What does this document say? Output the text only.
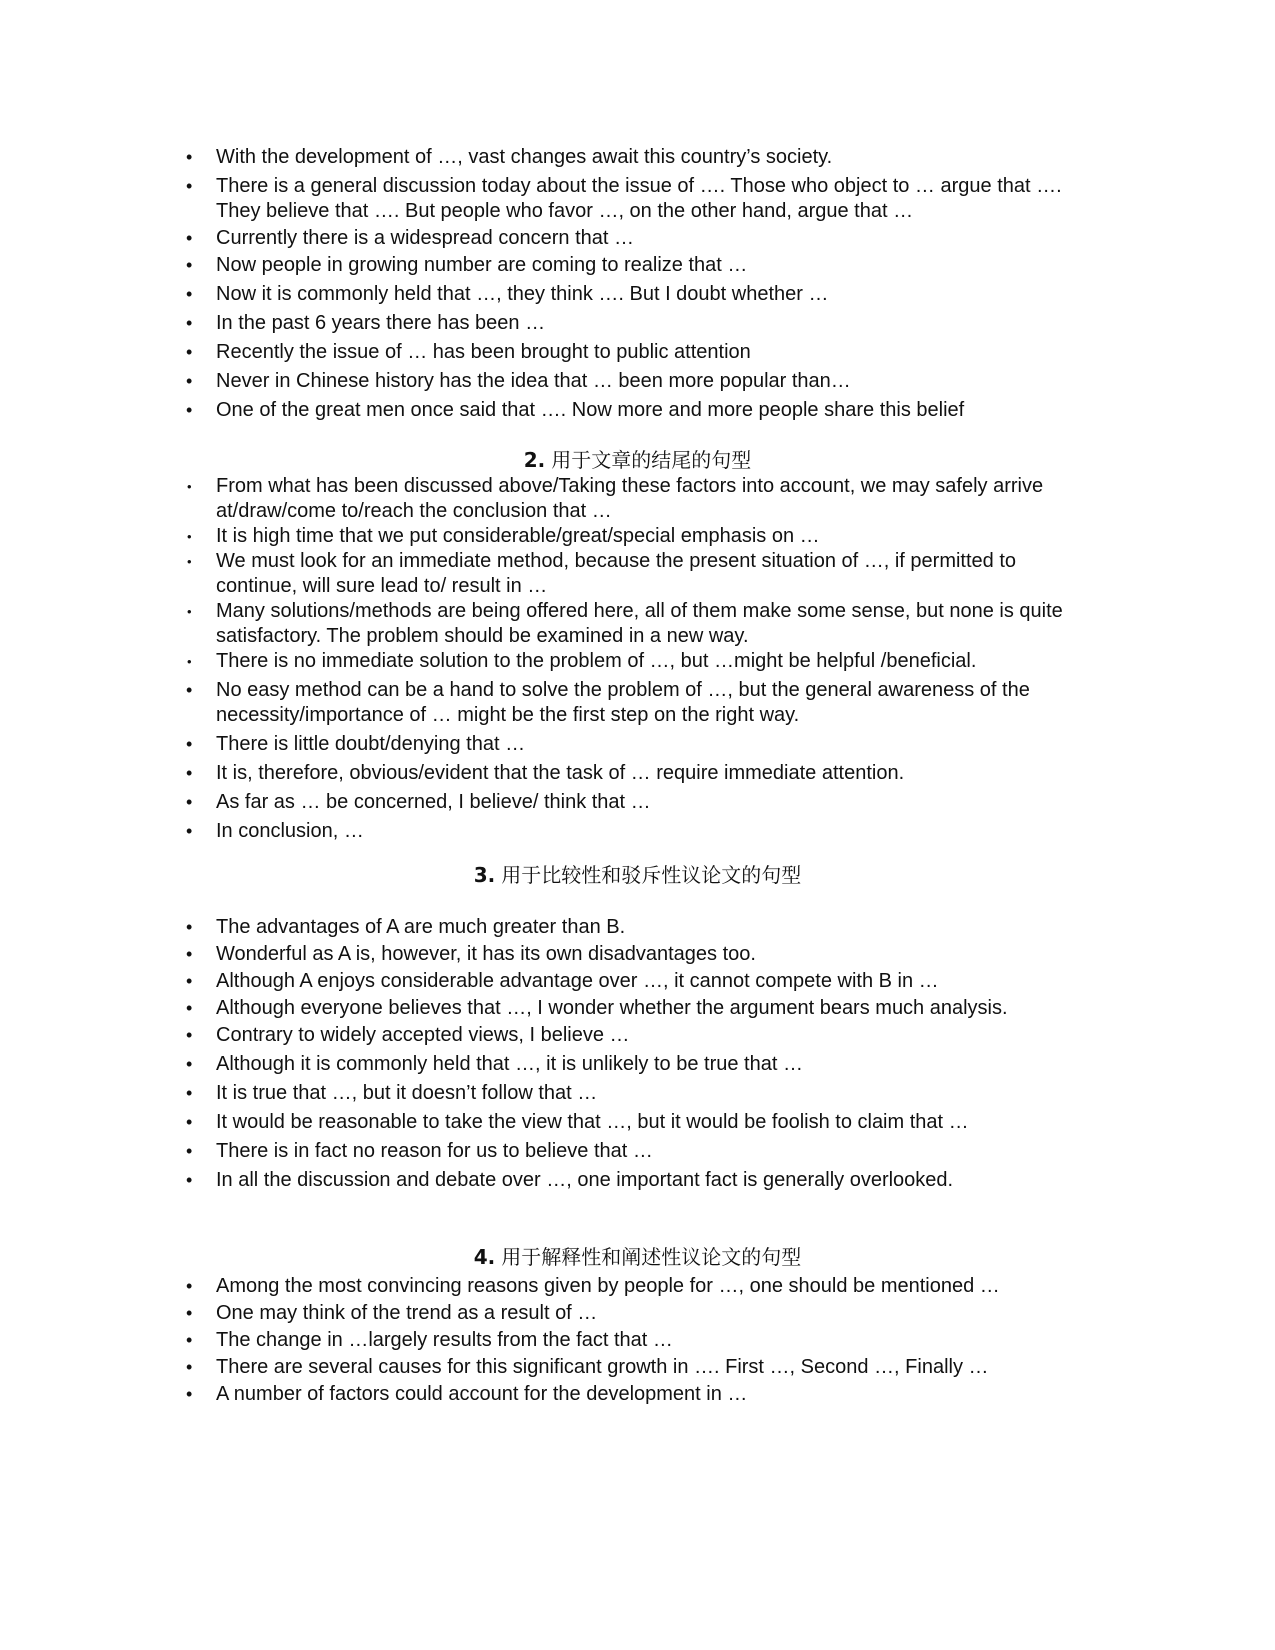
• With the development of …, vast changes await this country’s society.
• There is a general discussion today about the issue of …. Those who object to … argue that …. They believe that …. But people who favor …, on the other hand, argue that …
• Currently there is a widespread concern that …
• Now people in growing number are coming to realize that …
• Now it is commonly held that …, they think …. But I doubt whether …
• In the past 6 years there has been …
• Recently the issue of … has been brought to public attention
• Never in Chinese history has the idea that … been more popular than…
• One of the great men once said that …. Now more and more people share this belief
2. 用于文章的结尾的句型
• From what has been discussed above/Taking these factors into account, we may safely arrive at/draw/come to/reach the conclusion that …
• It is high time that we put considerable/great/special emphasis on …
• We must look for an immediate method, because the present situation of …, if permitted to continue, will sure lead to/ result in …
• Many solutions/methods are being offered here, all of them make some sense, but none is quite satisfactory. The problem should be examined in a new way.
• There is no immediate solution to the problem of …, but …might be helpful /beneficial.
• No easy method can be a hand to solve the problem of …, but the general awareness of the necessity/importance of … might be the first step on the right way.
• There is little doubt/denying that …
• It is, therefore, obvious/evident that the task of … require immediate attention.
• As far as … be concerned, I believe/ think that …
• In conclusion, …
3. 用于比较性和驳斥性议论文的句型
• The advantages of A are much greater than B.
• Wonderful as A is, however, it has its own disadvantages too.
• Although A enjoys considerable advantage over …, it cannot compete with B in …
• Although everyone believes that …, I wonder whether the argument bears much analysis.
• Contrary to widely accepted views, I believe …
• Although it is commonly held that …, it is unlikely to be true that …
• It is true that …, but it doesn’t follow that …
• It would be reasonable to take the view that …, but it would be foolish to claim that …
• There is in fact no reason for us to believe that …
• In all the discussion and debate over …, one important fact is generally overlooked.
4. 用于解释性和阐述性议论文的句型
• Among the most convincing reasons given by people for …, one should be mentioned …
• One may think of the trend as a result of …
• The change in …largely results from the fact that …
• There are several causes for this significant growth in …. First …, Second …, Finally …
• A number of factors could account for the development in …
